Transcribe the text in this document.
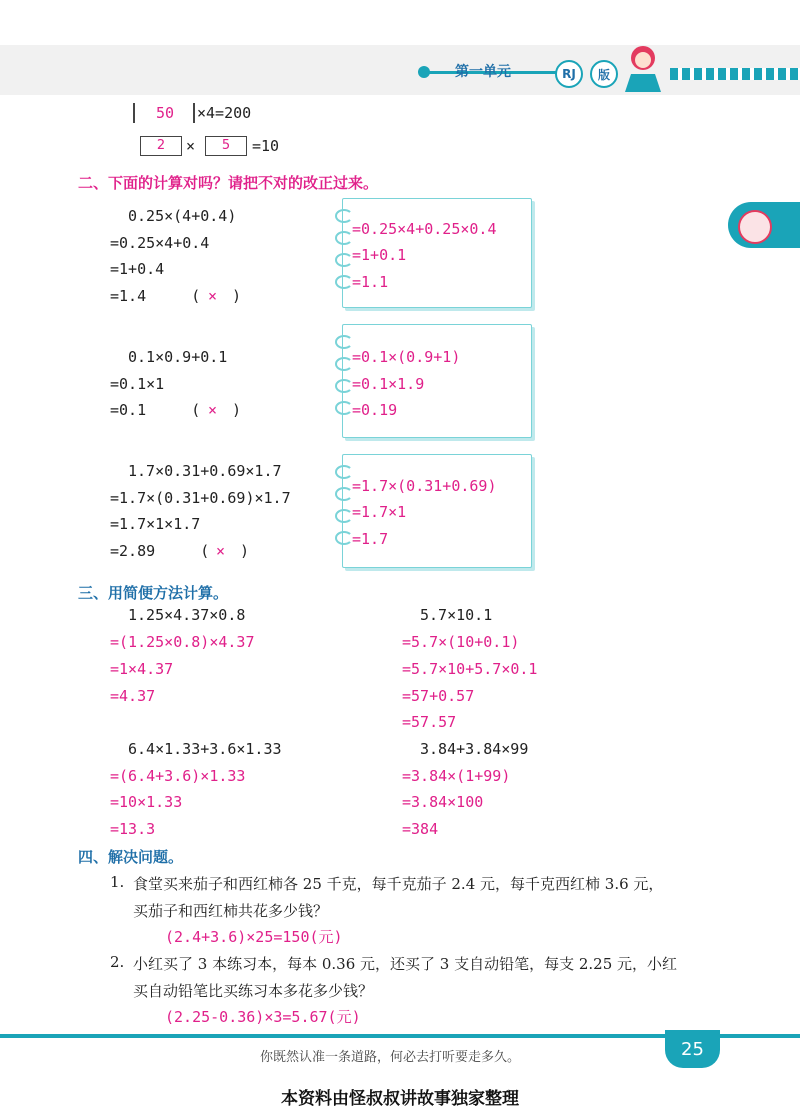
第一单元	RJ	版
50 ×4=200
2	×	5	=10
二、下面的计算对吗？请把不对的改正过来。
0.25×(4+0.4)
=0.25×4+0.4
=1+0.4
=1.4     (
× )
=0.25×4+0.25×0.4
=1+0.1
=1.1
0.1×0.9+0.1
=0.1×1
=0.1     (
× )
=0.1×(0.9+1)
=0.1×1.9
=0.19
1.7×0.31+0.69×1.7
=1.7×(0.31+0.69)×1.7
=1.7×1×1.7
=2.89     (
× )
=1.7×(0.31+0.69)
=1.7×1
=1.7
三、用简便方法计算。
1.25×4.37×0.8
=(1.25×0.8)×4.37
=1×4.37
=4.37
5.7×10.1
=5.7×(10+0.1)
=5.7×10+5.7×0.1
=57+0.57
=57.57
6.4×1.33+3.6×1.33
=(6.4+3.6)×1.33
=10×1.33
=13.3
3.84+3.84×99
=3.84×(1+99)
=3.84×100
=384
四、解决问题。
1. 食堂买来茄子和西红柿各 25 千克，每千克茄子 2.4 元，每千克西红柿 3.6 元，
买茄子和西红柿共花多少钱？
(2.4+3.6)×25=150(元)
2. 小红买了 3 本练习本，每本 0.36 元，还买了 3 支自动铅笔，每支 2.25 元，小红
买自动铅笔比买练习本多花多少钱？
(2.25-0.36)×3=5.67(元)
25
你既然认准一条道路，何必去打听要走多久。
本资料由怪叔叔讲故事独家整理
